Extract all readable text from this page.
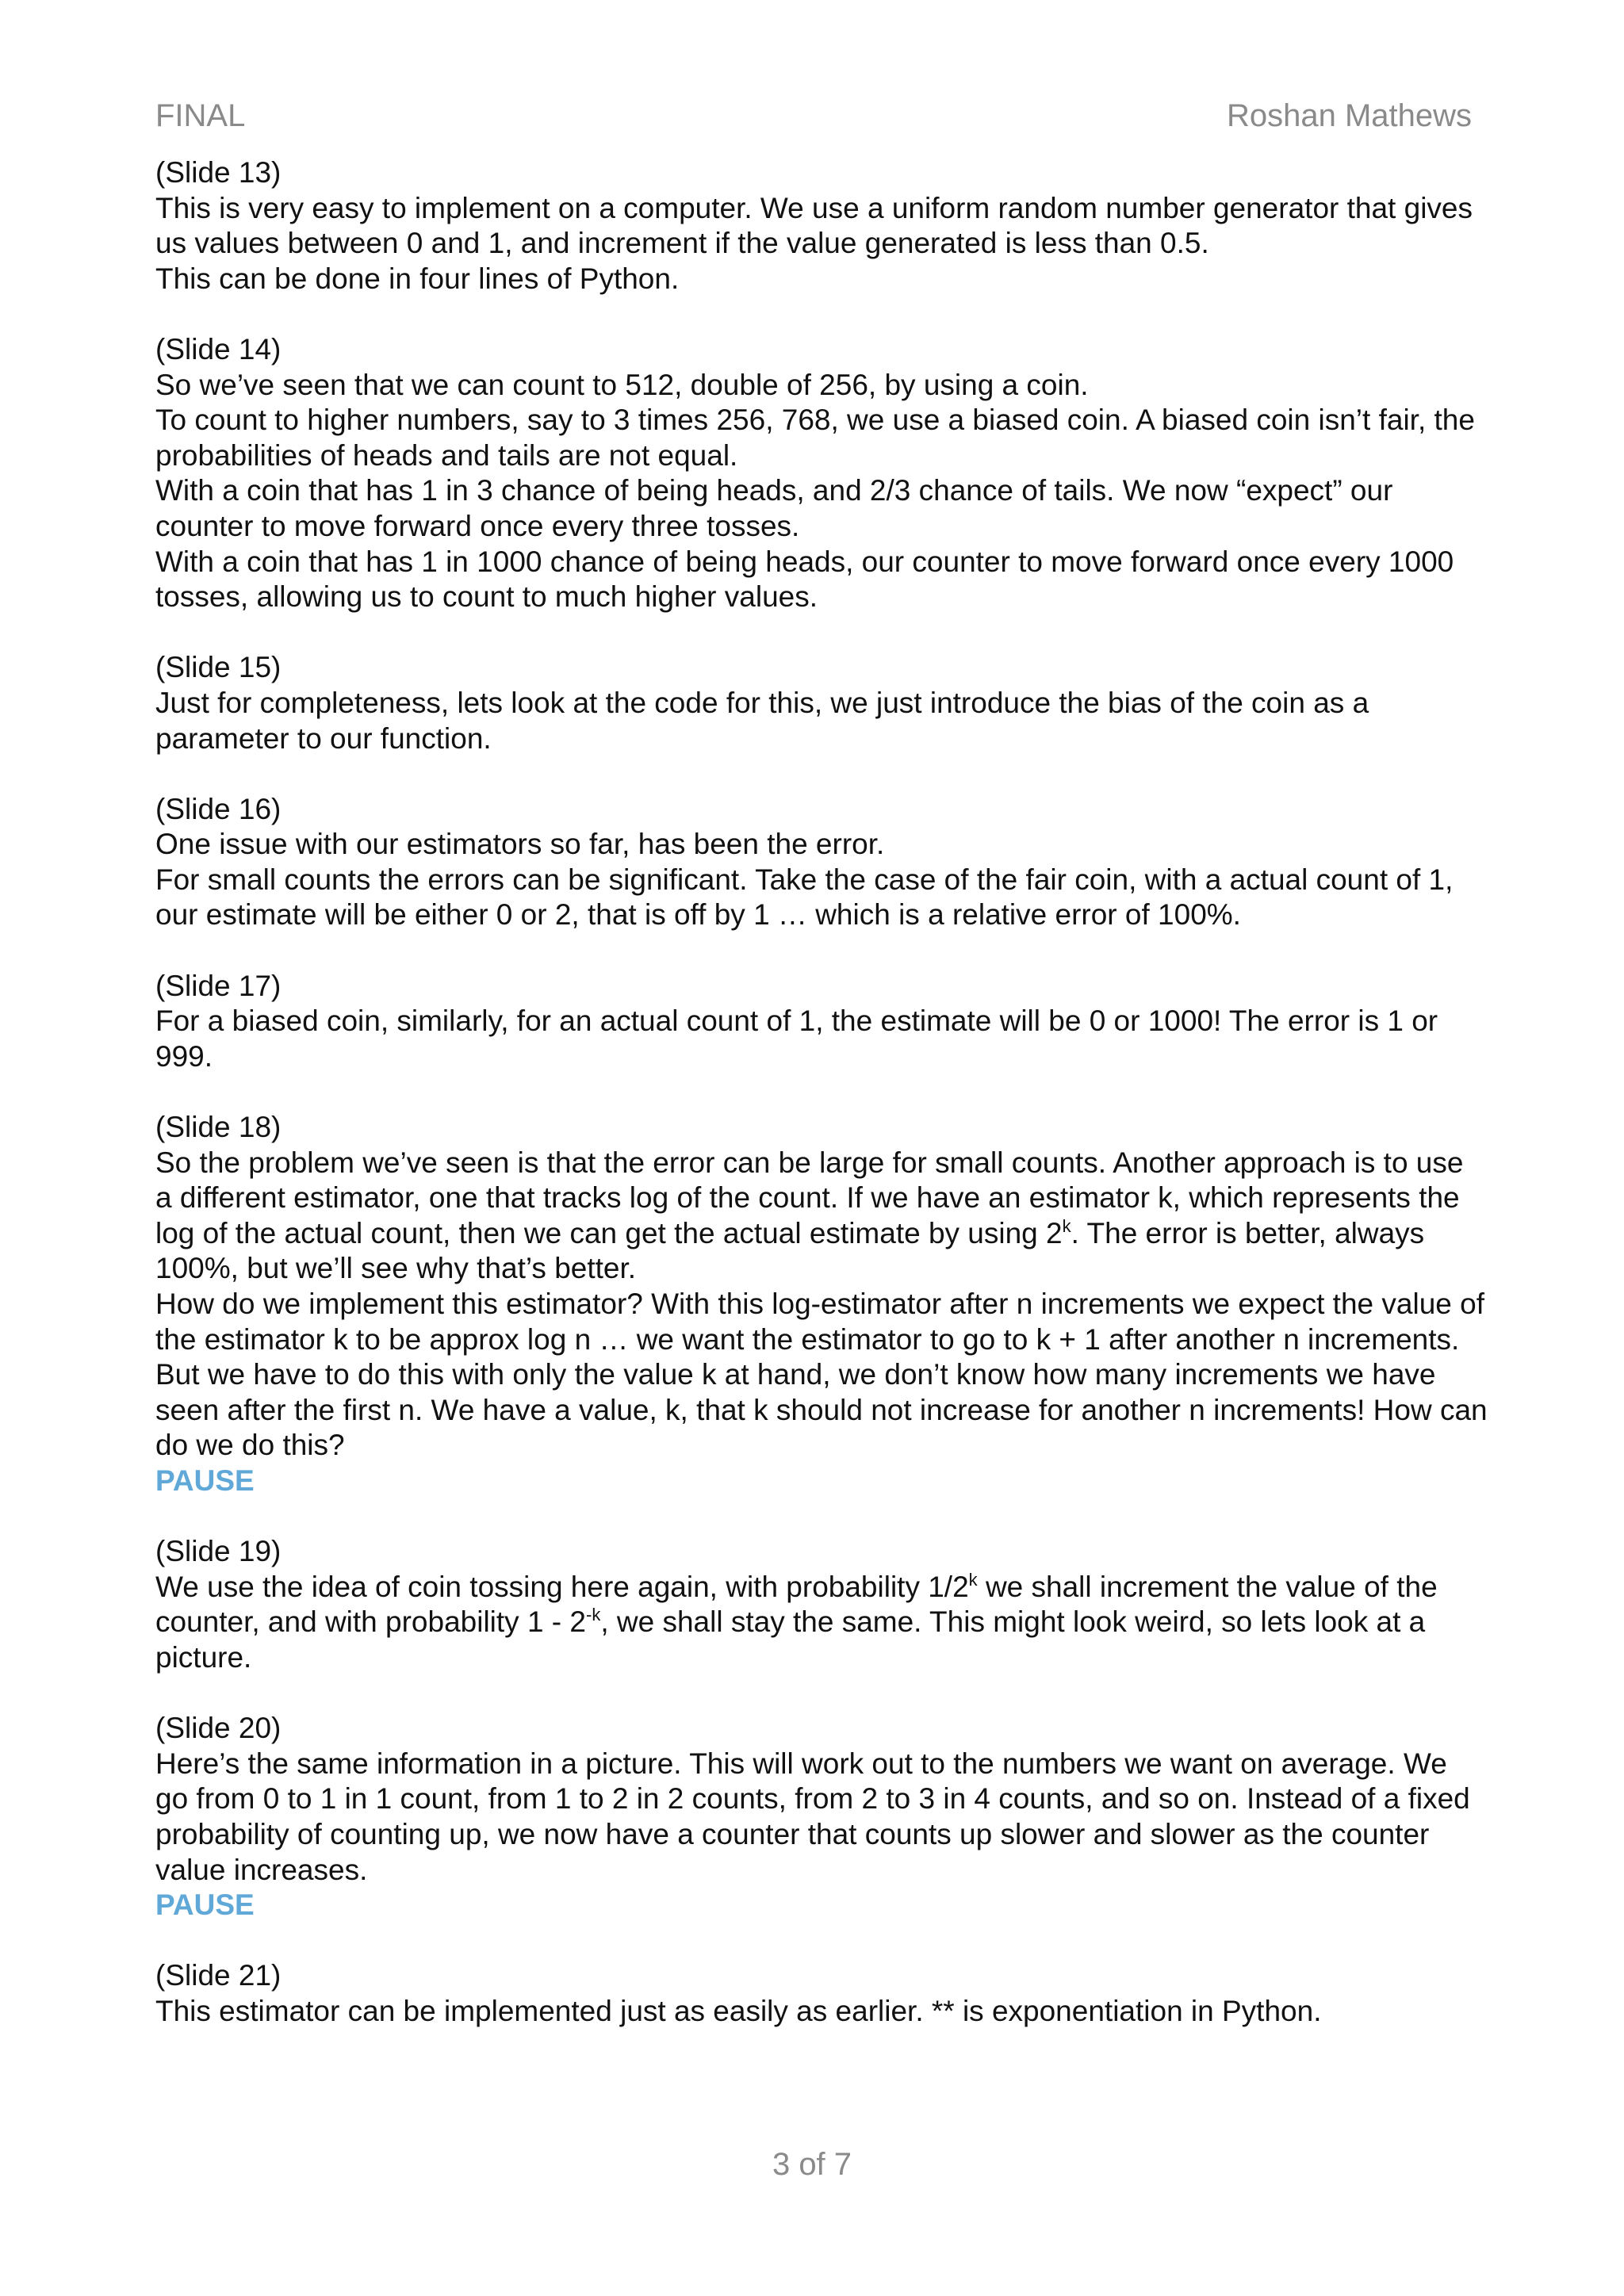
FINAL	Roshan Mathews

(Slide 13)

This is very easy to implement on a computer. We use a uniform random number generator that gives us values between 0 and 1, and increment if the value generated is less than 0.5.

This can be done in four lines of Python.

(Slide 14)

So we’ve seen that we can count to 512, double of 256, by using a coin.

To count to higher numbers, say to 3 times 256, 768, we use a biased coin. A biased coin isn’t fair, the probabilities of heads and tails are not equal.

With a coin that has 1 in 3 chance of being heads, and 2/3 chance of tails. We now “expect” our counter to move forward once every three tosses.

With a coin that has 1 in 1000 chance of being heads, our counter to move forward once every 1000 tosses, allowing us to count to much higher values.

(Slide 15)

Just for completeness, lets look at the code for this, we just introduce the bias of the coin as a parameter to our function.

(Slide 16)

One issue with our estimators so far, has been the error.

For small counts the errors can be significant. Take the case of the fair coin, with a actual count of 1, our estimate will be either 0 or 2, that is off by 1 … which is a relative error of 100%.

(Slide 17)

For a biased coin, similarly, for an actual count of 1, the estimate will be 0 or 1000! The error is 1 or 999.

(Slide 18)

So the problem we’ve seen is that the error can be large for small counts. Another approach is to use a different estimator, one that tracks log of the count. If we have an estimator k, which represents the log of the actual count, then we can get the actual estimate by using 2$^k$. The error is better, always 100%, but we’ll see why that’s better.

How do we implement this estimator? With this log-estimator after n increments we expect the value of the estimator k to be approx log n … we want the estimator to go to k + 1 after another n increments. But we have to do this with only the value k at hand, we don’t know how many increments we have seen after the first n. We have a value, k, that k should not increase for another n increments! How can do we do this?

PAUSE

(Slide 19)

We use the idea of coin tossing here again, with probability 1/2$^k$ we shall increment the value of the counter, and with probability $1 - 2^{-k}$, we shall stay the same. This might look weird, so lets look at a picture.

(Slide 20)

Here’s the same information in a picture. This will work out to the numbers we want on average. We go from 0 to 1 in 1 count, from 1 to 2 in 2 counts, from 2 to 3 in 4 counts, and so on. Instead of a fixed probability of counting up, we now have a counter that counts up slower and slower as the counter value increases.

PAUSE

(Slide 21)

This estimator can be implemented just as easily as earlier. ** is exponentiation in Python.

3 of 7
